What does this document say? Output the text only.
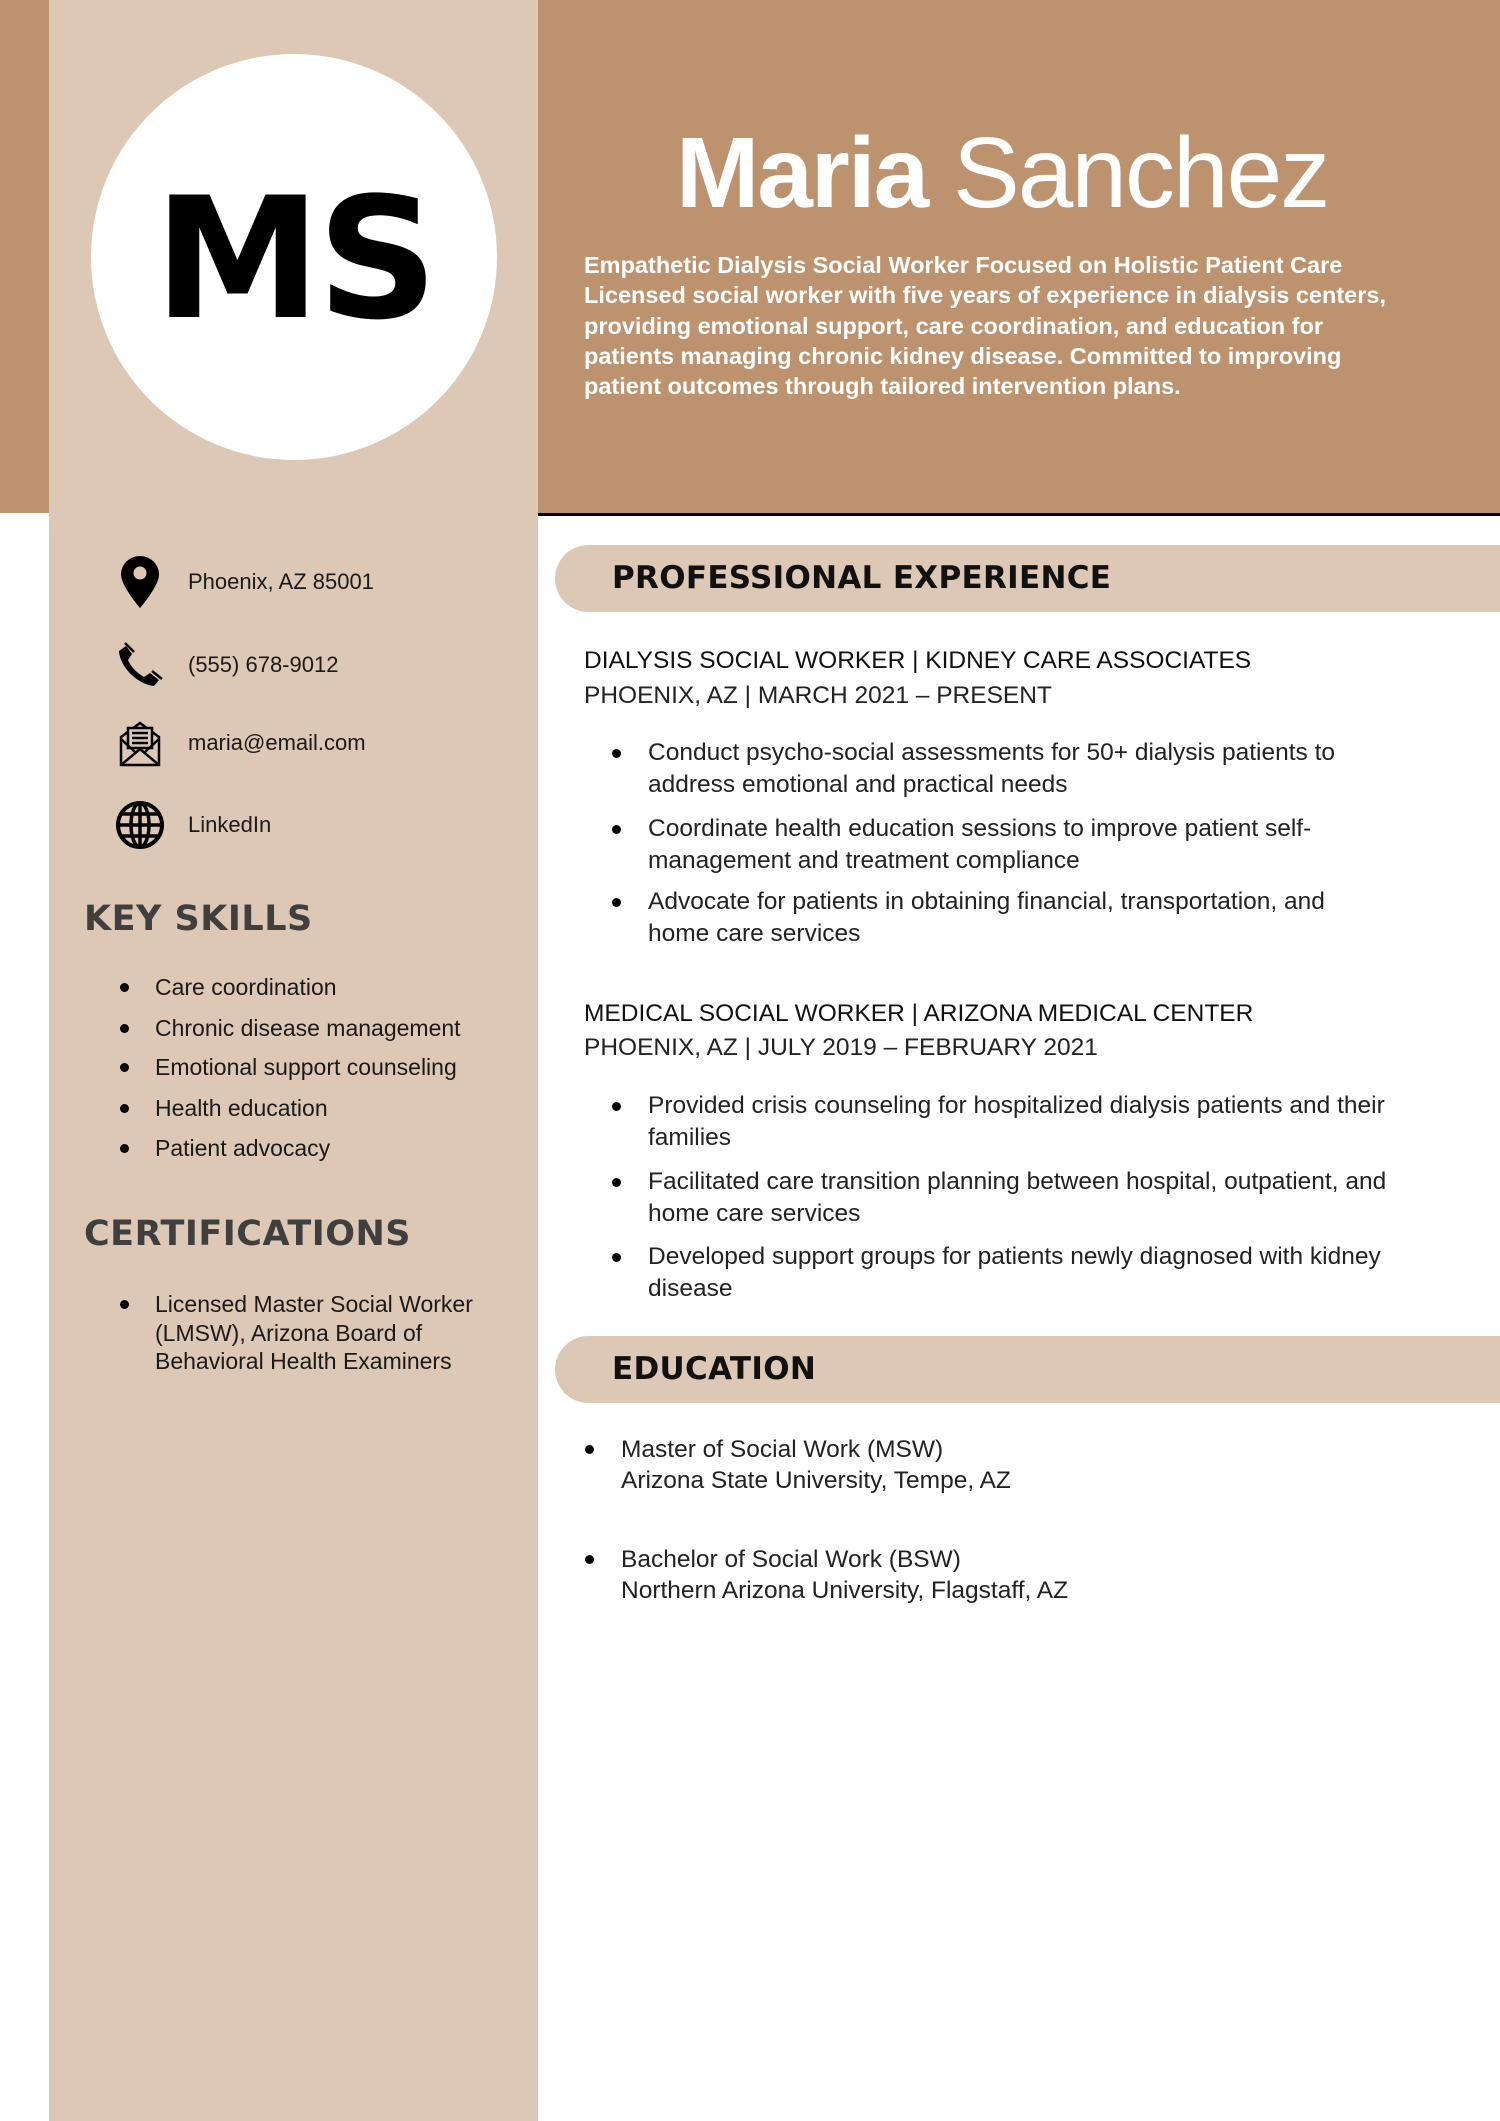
MS Maria Sanchez
Empathetic Dialysis Social Worker Focused on Holistic Patient Care
Licensed social worker with five years of experience in dialysis centers,
providing emotional support, care coordination, and education for
patients managing chronic kidney disease. Committed to improving
patient outcomes through tailored intervention plans.
Phoenix, AZ 85001
(555) 678-9012
maria@email.com
LinkedIn
KEY SKILLS
Care coordination
Chronic disease management
Emotional support counseling
Health education
Patient advocacy
CERTIFICATIONS
Licensed Master Social Worker
(LMSW), Arizona Board of
Behavioral Health Examiners
PROFESSIONAL EXPERIENCE
DIALYSIS SOCIAL WORKER | KIDNEY CARE ASSOCIATES
PHOENIX, AZ | MARCH 2021 – PRESENT
Conduct psycho-social assessments for 50+ dialysis patients to
address emotional and practical needs
Coordinate health education sessions to improve patient self-
management and treatment compliance
Advocate for patients in obtaining financial, transportation, and
home care services
MEDICAL SOCIAL WORKER | ARIZONA MEDICAL CENTER
PHOENIX, AZ | JULY 2019 – FEBRUARY 2021
Provided crisis counseling for hospitalized dialysis patients and their
families
Facilitated care transition planning between hospital, outpatient, and
home care services
Developed support groups for patients newly diagnosed with kidney
disease
EDUCATION
Master of Social Work (MSW)
Arizona State University, Tempe, AZ
Bachelor of Social Work (BSW)
Northern Arizona University, Flagstaff, AZ
